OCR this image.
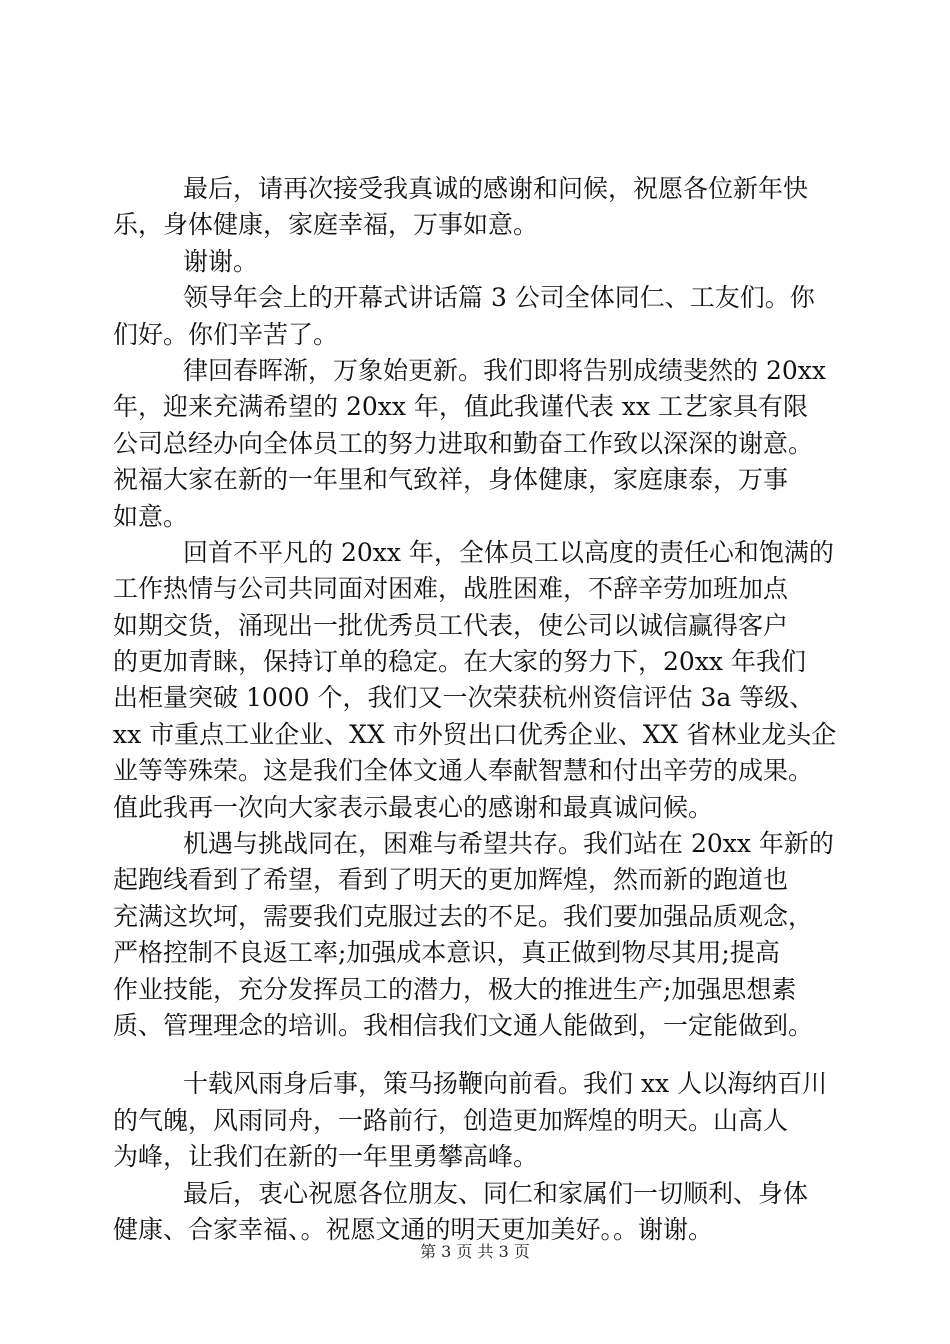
最后，请再次接受我真诚的感谢和问候，祝愿各位新年快
乐，身体健康，家庭幸福，万事如意。
谢谢。
领导年会上的开幕式讲话篇 3 公司全体同仁、工友们。你
们好。你们辛苦了。
律回春晖渐，万象始更新。我们即将告别成绩斐然的 20xx
年，迎来充满希望的 20xx 年，值此我谨代表 xx 工艺家具有限
公司总经办向全体员工的努力进取和勤奋工作致以深深的谢意。
祝福大家在新的一年里和气致祥，身体健康，家庭康泰，万事
如意。
回首不平凡的 20xx 年，全体员工以高度的责任心和饱满的
工作热情与公司共同面对困难，战胜困难，不辞辛劳加班加点
如期交货，涌现出一批优秀员工代表，使公司以诚信赢得客户
的更加青睐，保持订单的稳定。在大家的努力下，20xx 年我们
出柜量突破 1000 个，我们又一次荣获杭州资信评估 3a 等级、
xx 市重点工业企业、XX 市外贸出口优秀企业、XX 省林业龙头企
业等等殊荣。这是我们全体文通人奉献智慧和付出辛劳的成果。
值此我再一次向大家表示最衷心的感谢和最真诚问候。
机遇与挑战同在，困难与希望共存。我们站在 20xx 年新的
起跑线看到了希望，看到了明天的更加辉煌，然而新的跑道也
充满这坎坷，需要我们克服过去的不足。我们要加强品质观念，
严格控制不良返工率;加强成本意识，真正做到物尽其用;提高
作业技能，充分发挥员工的潜力，极大的推进生产;加强思想素
质、管理理念的培训。我相信我们文通人能做到，一定能做到。
十载风雨身后事，策马扬鞭向前看。我们 xx 人以海纳百川
的气魄，风雨同舟，一路前行，创造更加辉煌的明天。山高人
为峰，让我们在新的一年里勇攀高峰。
最后，衷心祝愿各位朋友、同仁和家属们一切顺利、身体
健康、合家幸福、。祝愿文通的明天更加美好。。谢谢。
第 3 页 共 3 页
